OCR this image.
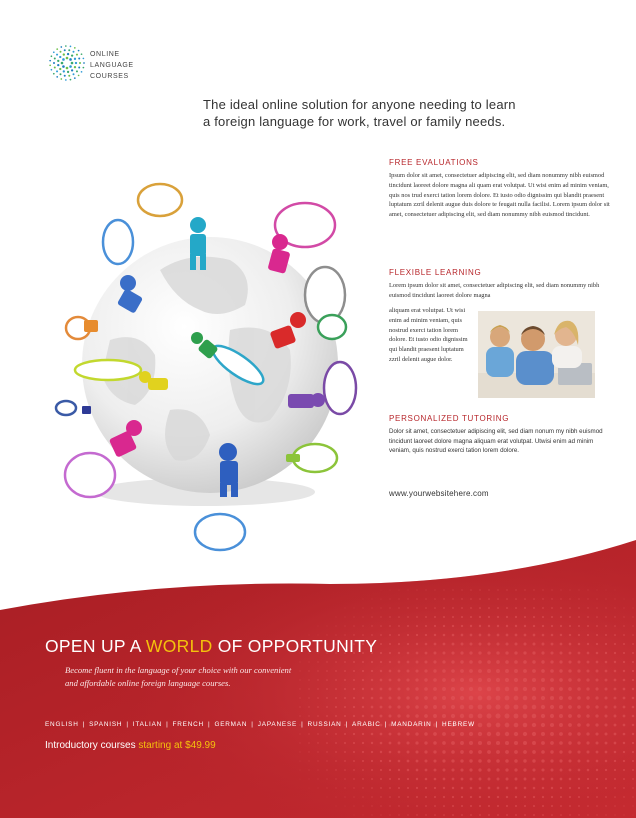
ONLINE
LANGUAGE
COURSES
The ideal online solution for anyone needing to learn
a foreign language for work, travel or family needs.
FREE EVALUATIONS
Ipsum dolor sit amet, consectetuer adipiscing elit, sed diam nonummy nibh euismod tincidunt laoreet dolore magna ali quam erat volutpat. Ut wisi enim ad minim veniam, quis nos trud exerci tation lorem dolore. Et iusto odio dignissim qui blandit praesent luptatum zzril delenit augue duis dolore te feugait nulla facilisi. Lorem ipsum dolor sit amet, consectetuer adipiscing elit, sed diam nonummy nibh euismod tincidunt.
FLEXIBLE LEARNING
Lorem ipsum dolor sit amet, consectetuer adipiscing elit, sed diam nonummy nibh euismod tincidunt laoreet dolore magna
aliquam erat volutpat. Ut wisi enim ad minim veniam, quis nostrud exerci tation lorem dolore. Et iusto odio dignissim qui blandit praesent luptatum zzril delenit augue dolor.
PERSONALIZED TUTORING
Dolor sit amet, consectetuer adipiscing elit, sed diam nonum my nibh euismod tincidunt laoreet dolore magna aliquam erat volutpat. Utwisi enim ad minim veniam, quis nostrud exerci tation lorem dolore.
www.yourwebsitehere.com
OPEN UP A WORLD OF OPPORTUNITY
Become fluent in the language of your choice with our convenient
and affordable online foreign language courses.
ENGLISH | SPANISH | ITALIAN | FRENCH | GERMAN | JAPANESE | RUSSIAN | ARABIC | MANDARIN | HEBREW
Introductory courses starting at $49.99
